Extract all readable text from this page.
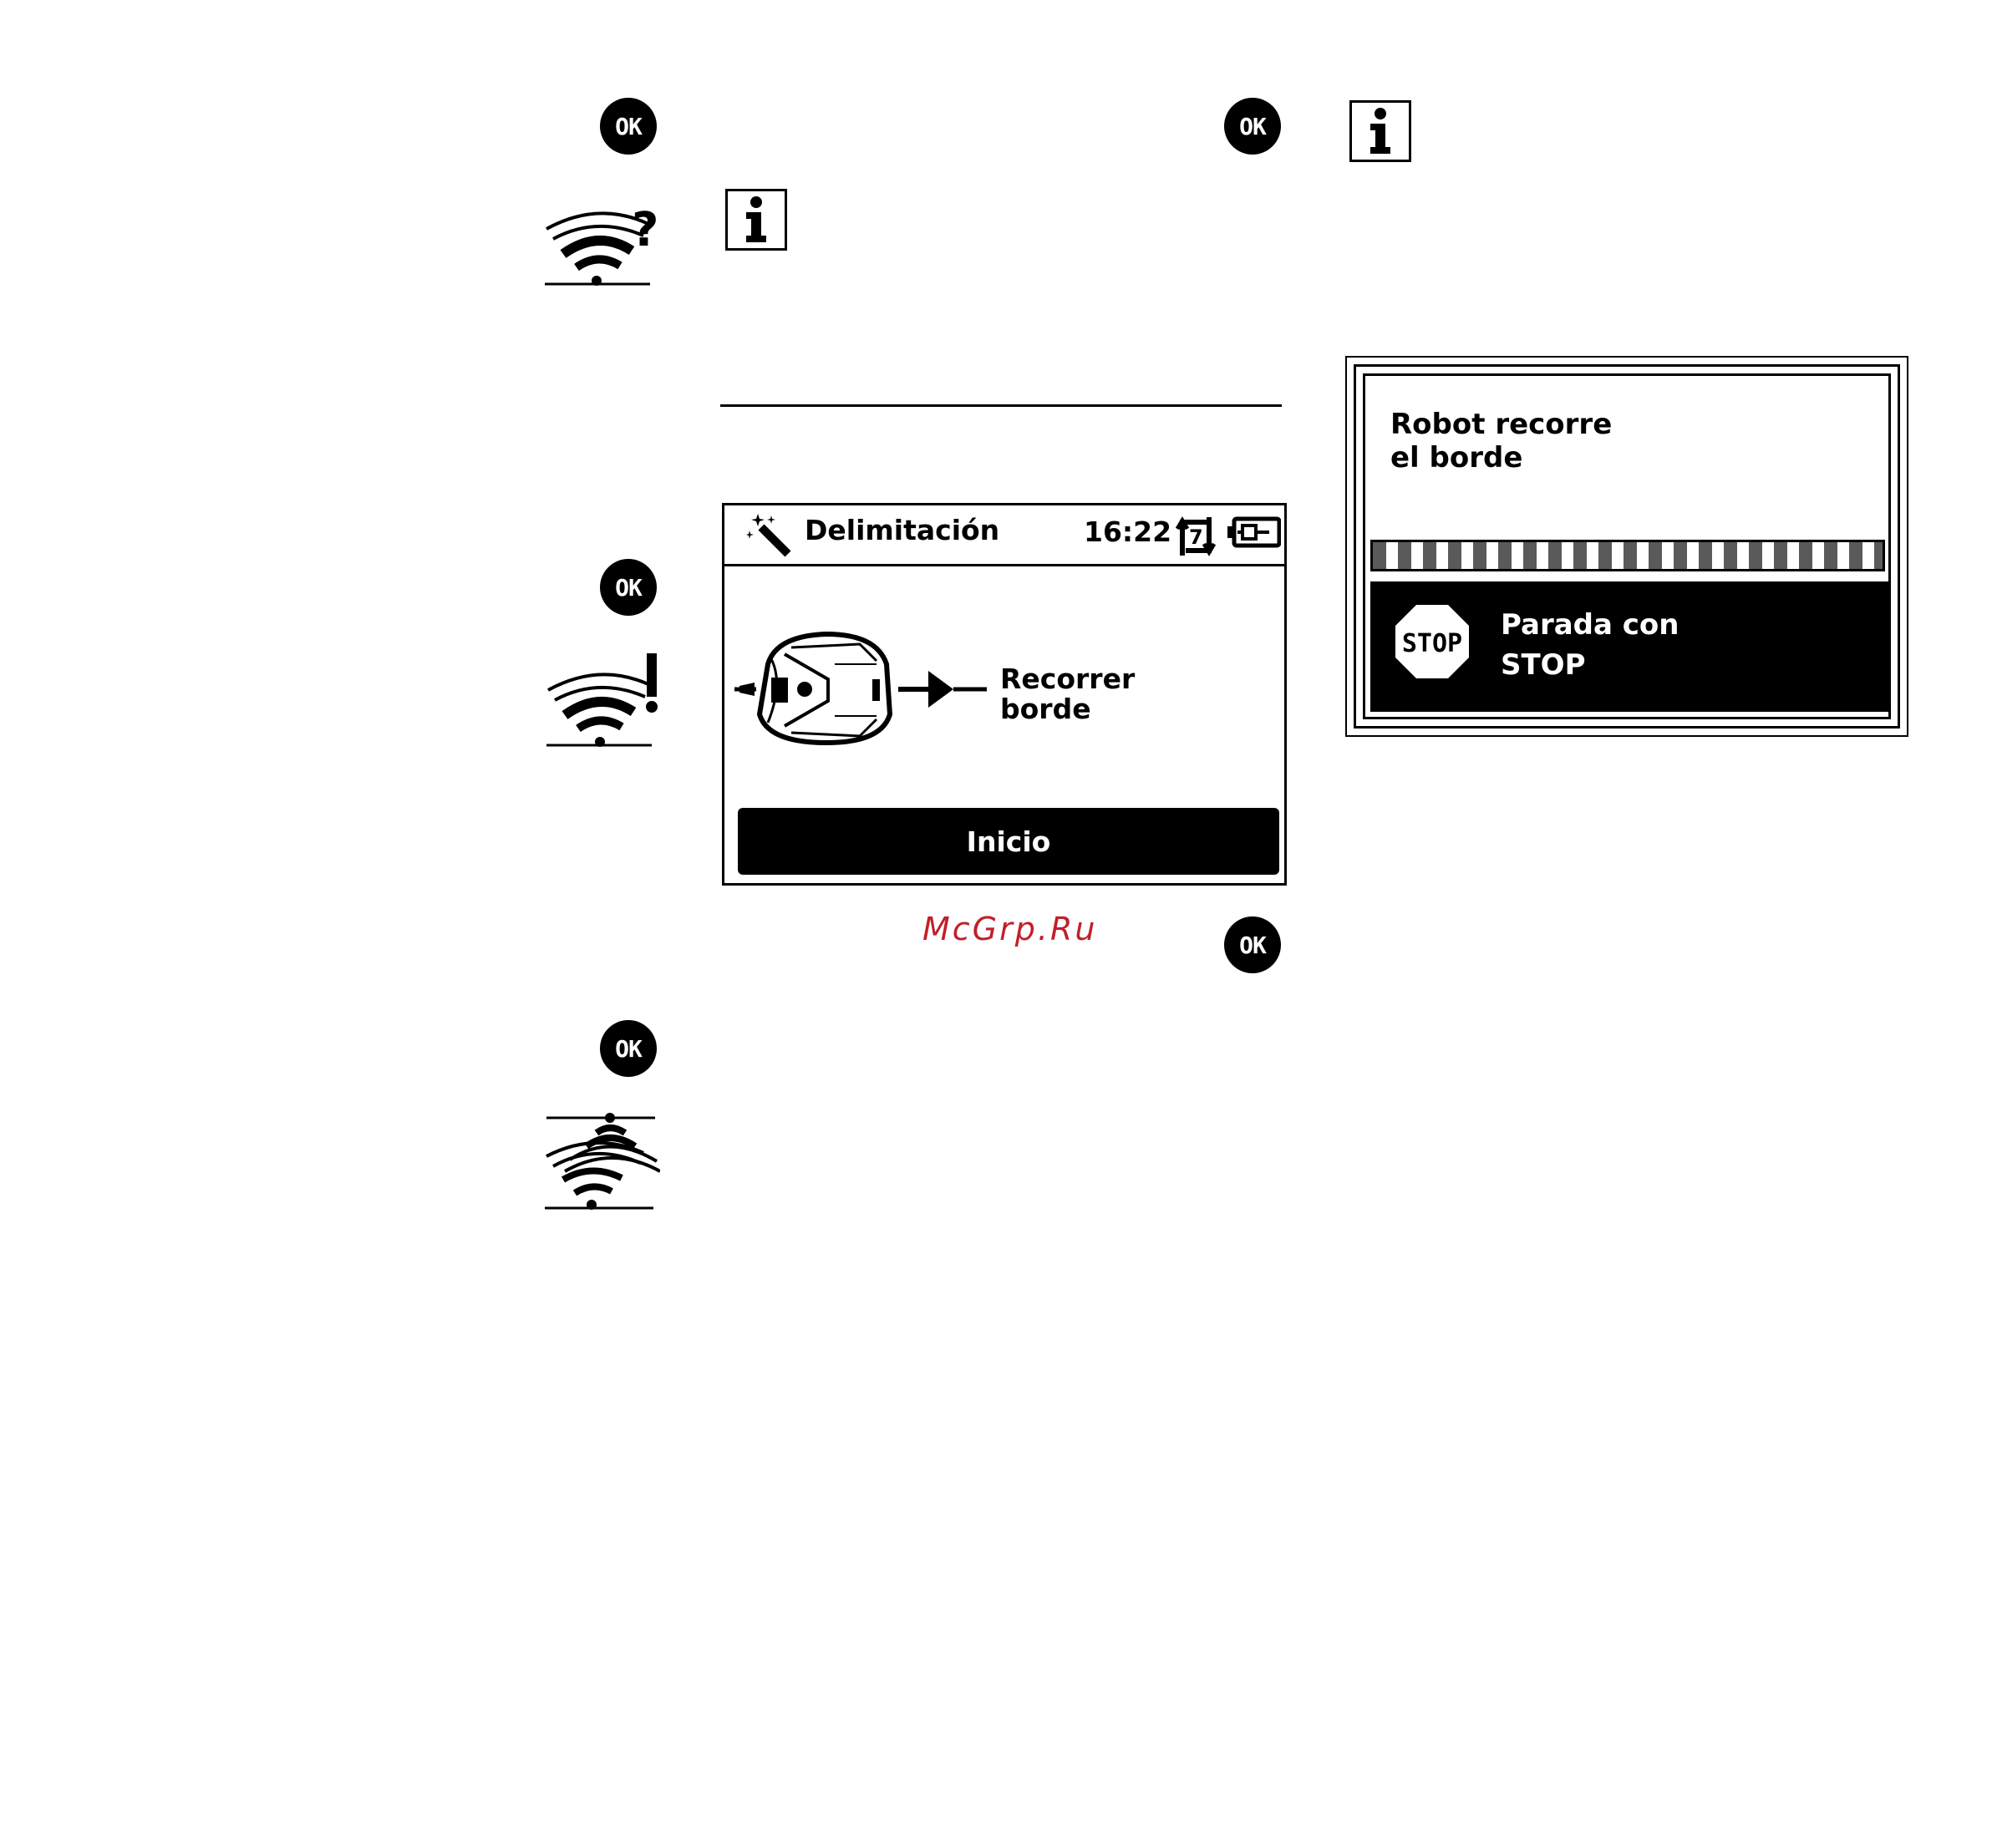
OK	OK
OK
OK
OK
?
Delimitación	16:22 7
Recorrer
borde
Inicio
Robot recorre
el borde
STOP
Parada con
STOP
McGrp.Ru
